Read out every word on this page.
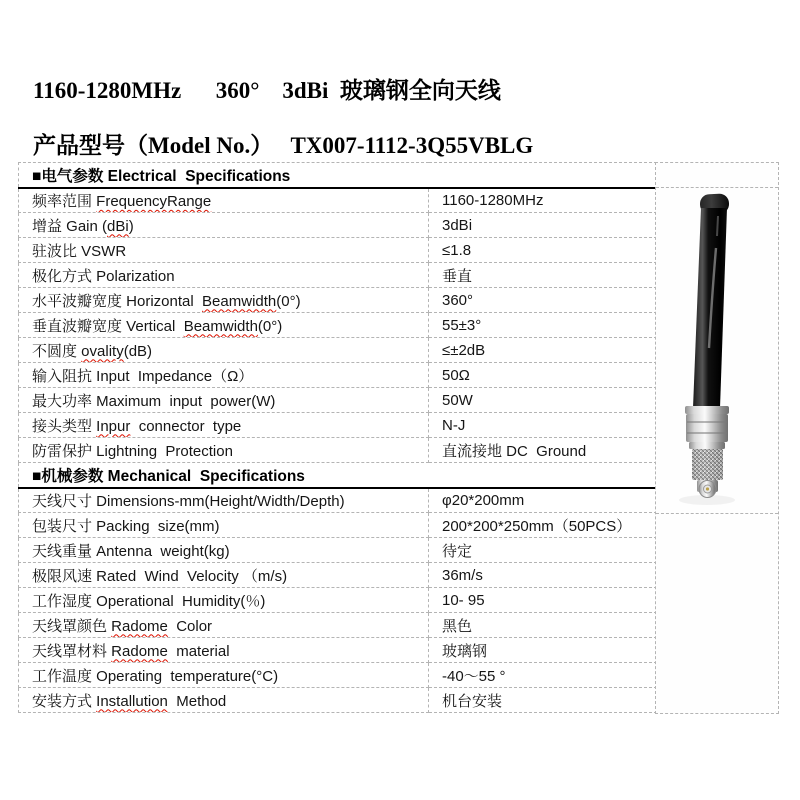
1160-1280MHz      360°    3dBi  玻璃钢全向天线
产品型号（Model No.）   TX007-1112-3Q55VBLG
■电气参数 Electrical  Specifications	
频率范围 FrequencyRange	1160-1280MHz
增益 Gain (dBi)	3dBi
驻波比 VSWR	≤1.8
极化方式 Polarization	垂直
水平波瓣宽度 Horizontal  Beamwidth(0°)	360°
垂直波瓣宽度 Vertical  Beamwidth(0°)	55±3°
不圆度 ovality(dB)	≤±2dB
输入阻抗 Input  Impedance（Ω）	50Ω
最大功率 Maximum  input  power(W)	50W
接头类型 Inpur  connector  type	N-J
防雷保护 Lightning  Protection	直流接地 DC  Ground
■机械参数 Mechanical  Specifications	
天线尺寸 Dimensions-mm(Height/Width/Depth)	φ20*200mm
包装尺寸 Packing  size(mm)	200*200*250mm（50PCS）
天线重量 Antenna  weight(kg)	待定
极限风速 Rated  Wind  Velocity （m/s)	36m/s
工作湿度 Operational  Humidity(％)	10- 95
天线罩颜色 Radome  Color	黑色
天线罩材料 Radome  material	玻璃钢
工作温度 Operating  temperature(°C)	-40～55 °
安装方式 Installution  Method	机台安装
